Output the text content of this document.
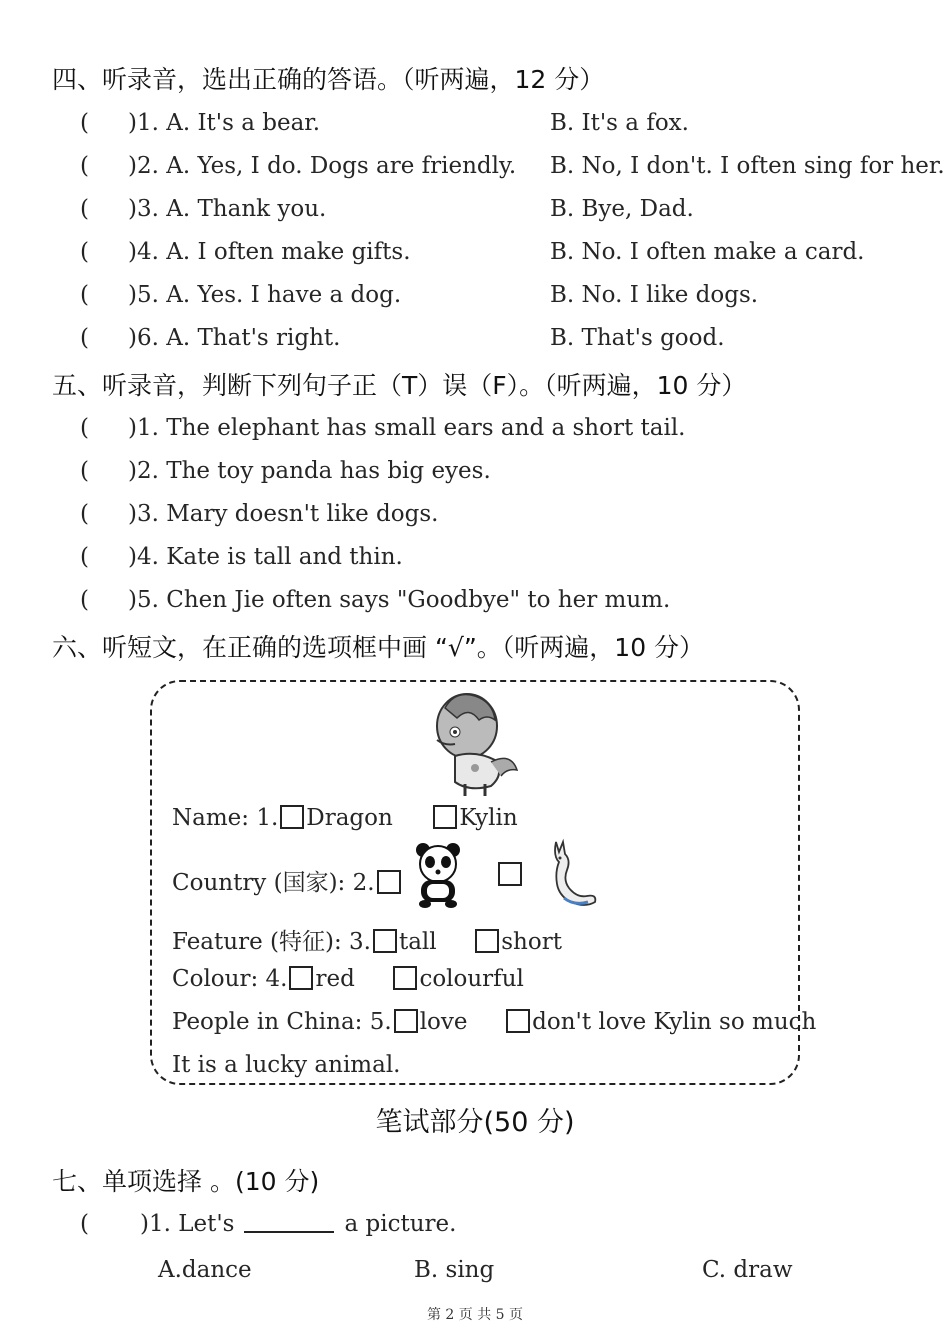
四、听录音，选出正确的答语。（听两遍，12 分）
( )1. A. It's a bear.	B. It's a fox.
( )2. A. Yes, I do. Dogs are friendly. B. No, I don't. I often sing for her.
( )3. A. Thank you.	B. Bye, Dad.
( )4. A. I often make gifts.	B. No. I often make a card.
( )5. A. Yes. I have a dog.	B. No. I like dogs.
( )6. A. That's right.	B. That's good.
五、听录音，判断下列句子正（T）误（F）。（听两遍，10 分）
( )1. The elephant has small ears and a short tail.
( )2. The toy panda has big eyes.
( )3. Mary doesn't like dogs.
( )4. Kate is tall and thin.
( )5. Chen Jie often says "Goodbye" to her mum.
六、听短文，在正确的选项框中画 “√”。（听两遍，10 分）
Name: 1. Dragon	Kylin
Country (国家): 2.
Feature (特征): 3. tall	short
Colour: 4. red	colourful
People in China: 5. love	don't love Kylin so much
It is a lucky animal.
笔试部分(50 分)
七、单项选择 。(10 分)
( )1. Let's	a picture.
A.dance	B. sing	C. draw
第 2 页 共 5 页
